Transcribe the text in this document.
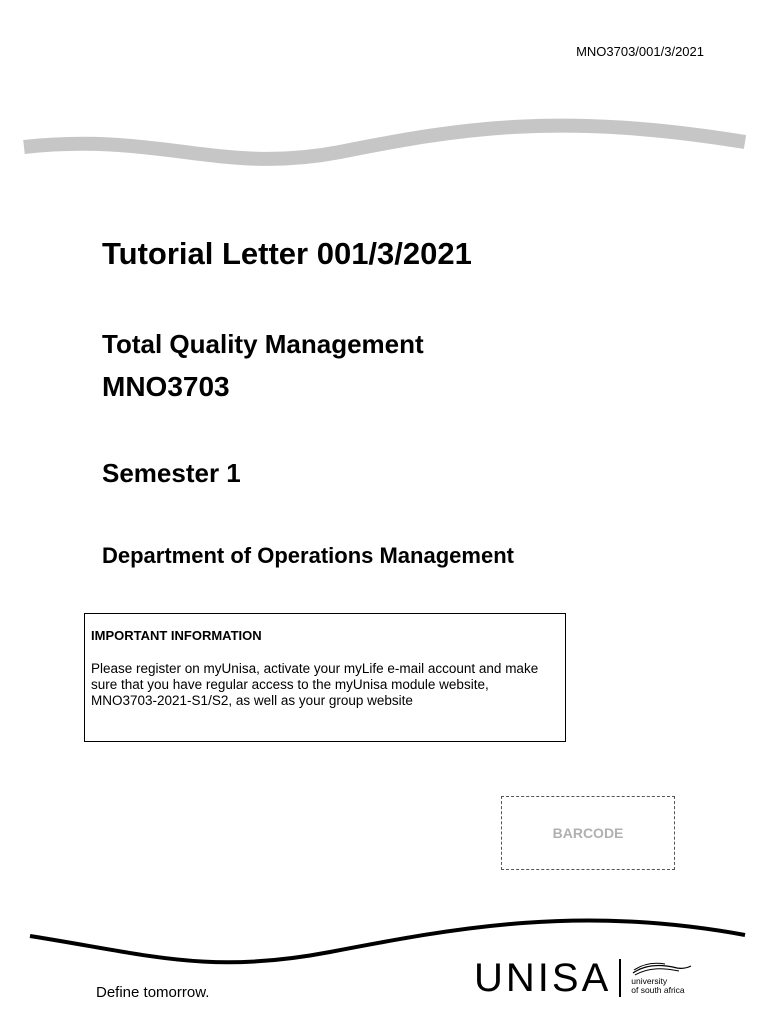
MNO3703/001/3/2021
Tutorial Letter 001/3/2021
Total Quality Management
MNO3703
Semester 1
Department of Operations Management

IMPORTANT INFORMATION

Please register on myUnisa, activate your myLife e-mail account and make sure that you have regular access to the myUnisa module website, MNO3703-2021-S1/S2, as well as your group website

BARCODE
Define tomorrow.	UNISA university
of south africa
